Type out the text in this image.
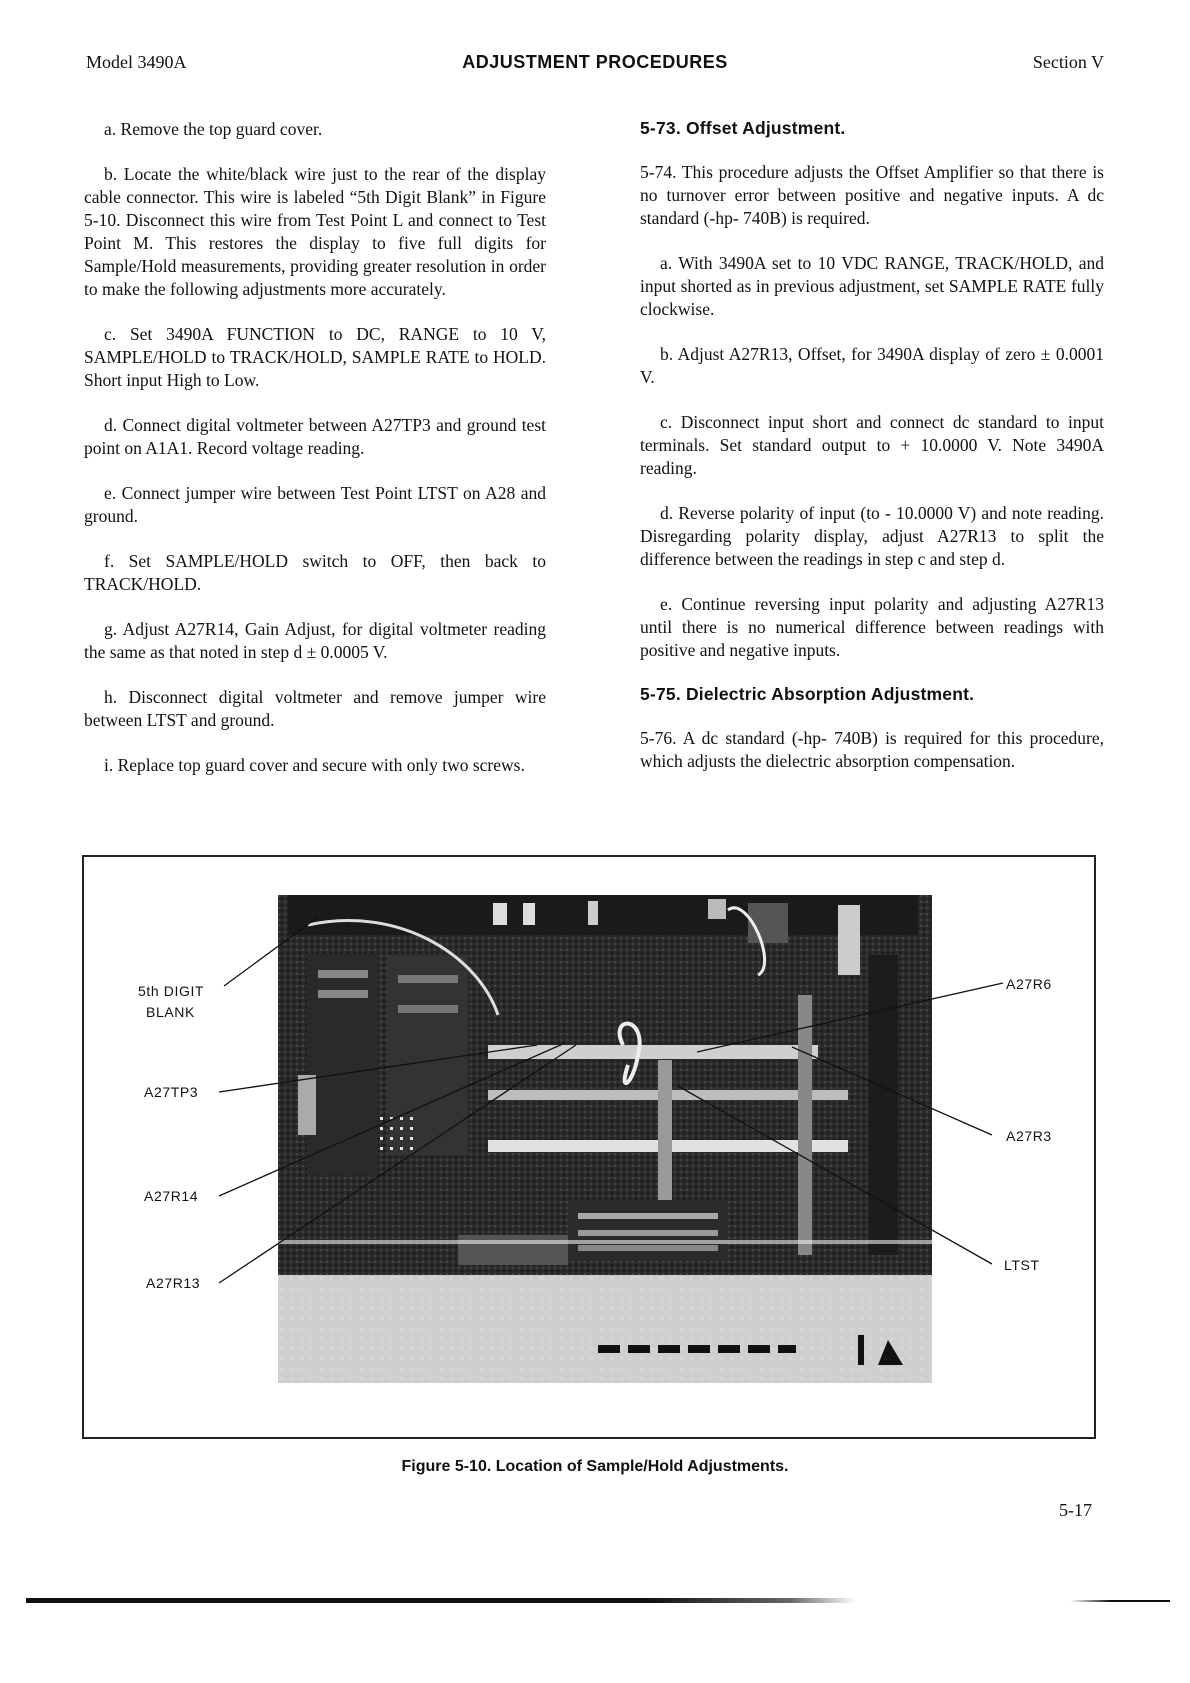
Model 3490A	ADJUSTMENT PROCEDURES	Section V

a. Remove the top guard cover.

b. Locate the white/black wire just to the rear of the display cable connector. This wire is labeled “5th Digit Blank” in Figure 5-10. Disconnect this wire from Test Point L and connect to Test Point M. This restores the display to five full digits for Sample/Hold measurements, providing greater resolution in order to make the following adjustments more accurately.

c. Set 3490A FUNCTION to DC, RANGE to 10 V, SAMPLE/HOLD to TRACK/HOLD, SAMPLE RATE to HOLD. Short input High to Low.

d. Connect digital voltmeter between A27TP3 and ground test point on A1A1. Record voltage reading.

e. Connect jumper wire between Test Point LTST on A28 and ground.

f. Set SAMPLE/HOLD switch to OFF, then back to TRACK/HOLD.

g. Adjust A27R14, Gain Adjust, for digital voltmeter reading the same as that noted in step d ± 0.0005 V.

h. Disconnect digital voltmeter and remove jumper wire between LTST and ground.

i. Replace top guard cover and secure with only two screws.

5-73. Offset Adjustment.

5-74. This procedure adjusts the Offset Amplifier so that there is no turnover error between positive and negative inputs. A dc standard (-hp- 740B) is required.

a. With 3490A set to 10 VDC RANGE, TRACK/HOLD, and input shorted as in previous adjustment, set SAMPLE RATE fully clockwise.

b. Adjust A27R13, Offset, for 3490A display of zero ± 0.0001 V.

c. Disconnect input short and connect dc standard to input terminals. Set standard output to + 10.0000 V. Note 3490A reading.

d. Reverse polarity of input (to - 10.0000 V) and note reading. Disregarding polarity display, adjust A27R13 to split the difference between the readings in step c and step d.

e. Continue reversing input polarity and adjusting A27R13 until there is no numerical difference between readings with positive and negative inputs.

5-75. Dielectric Absorption Adjustment.

5-76. A dc standard (-hp- 740B) is required for this procedure, which adjusts the dielectric absorption compensation.

5th DIGIT
BLANK
A27TP3
A27R14
A27R13
A27R6
A27R3
LTST
Figure 5-10. Location of Sample/Hold Adjustments.
5-17
